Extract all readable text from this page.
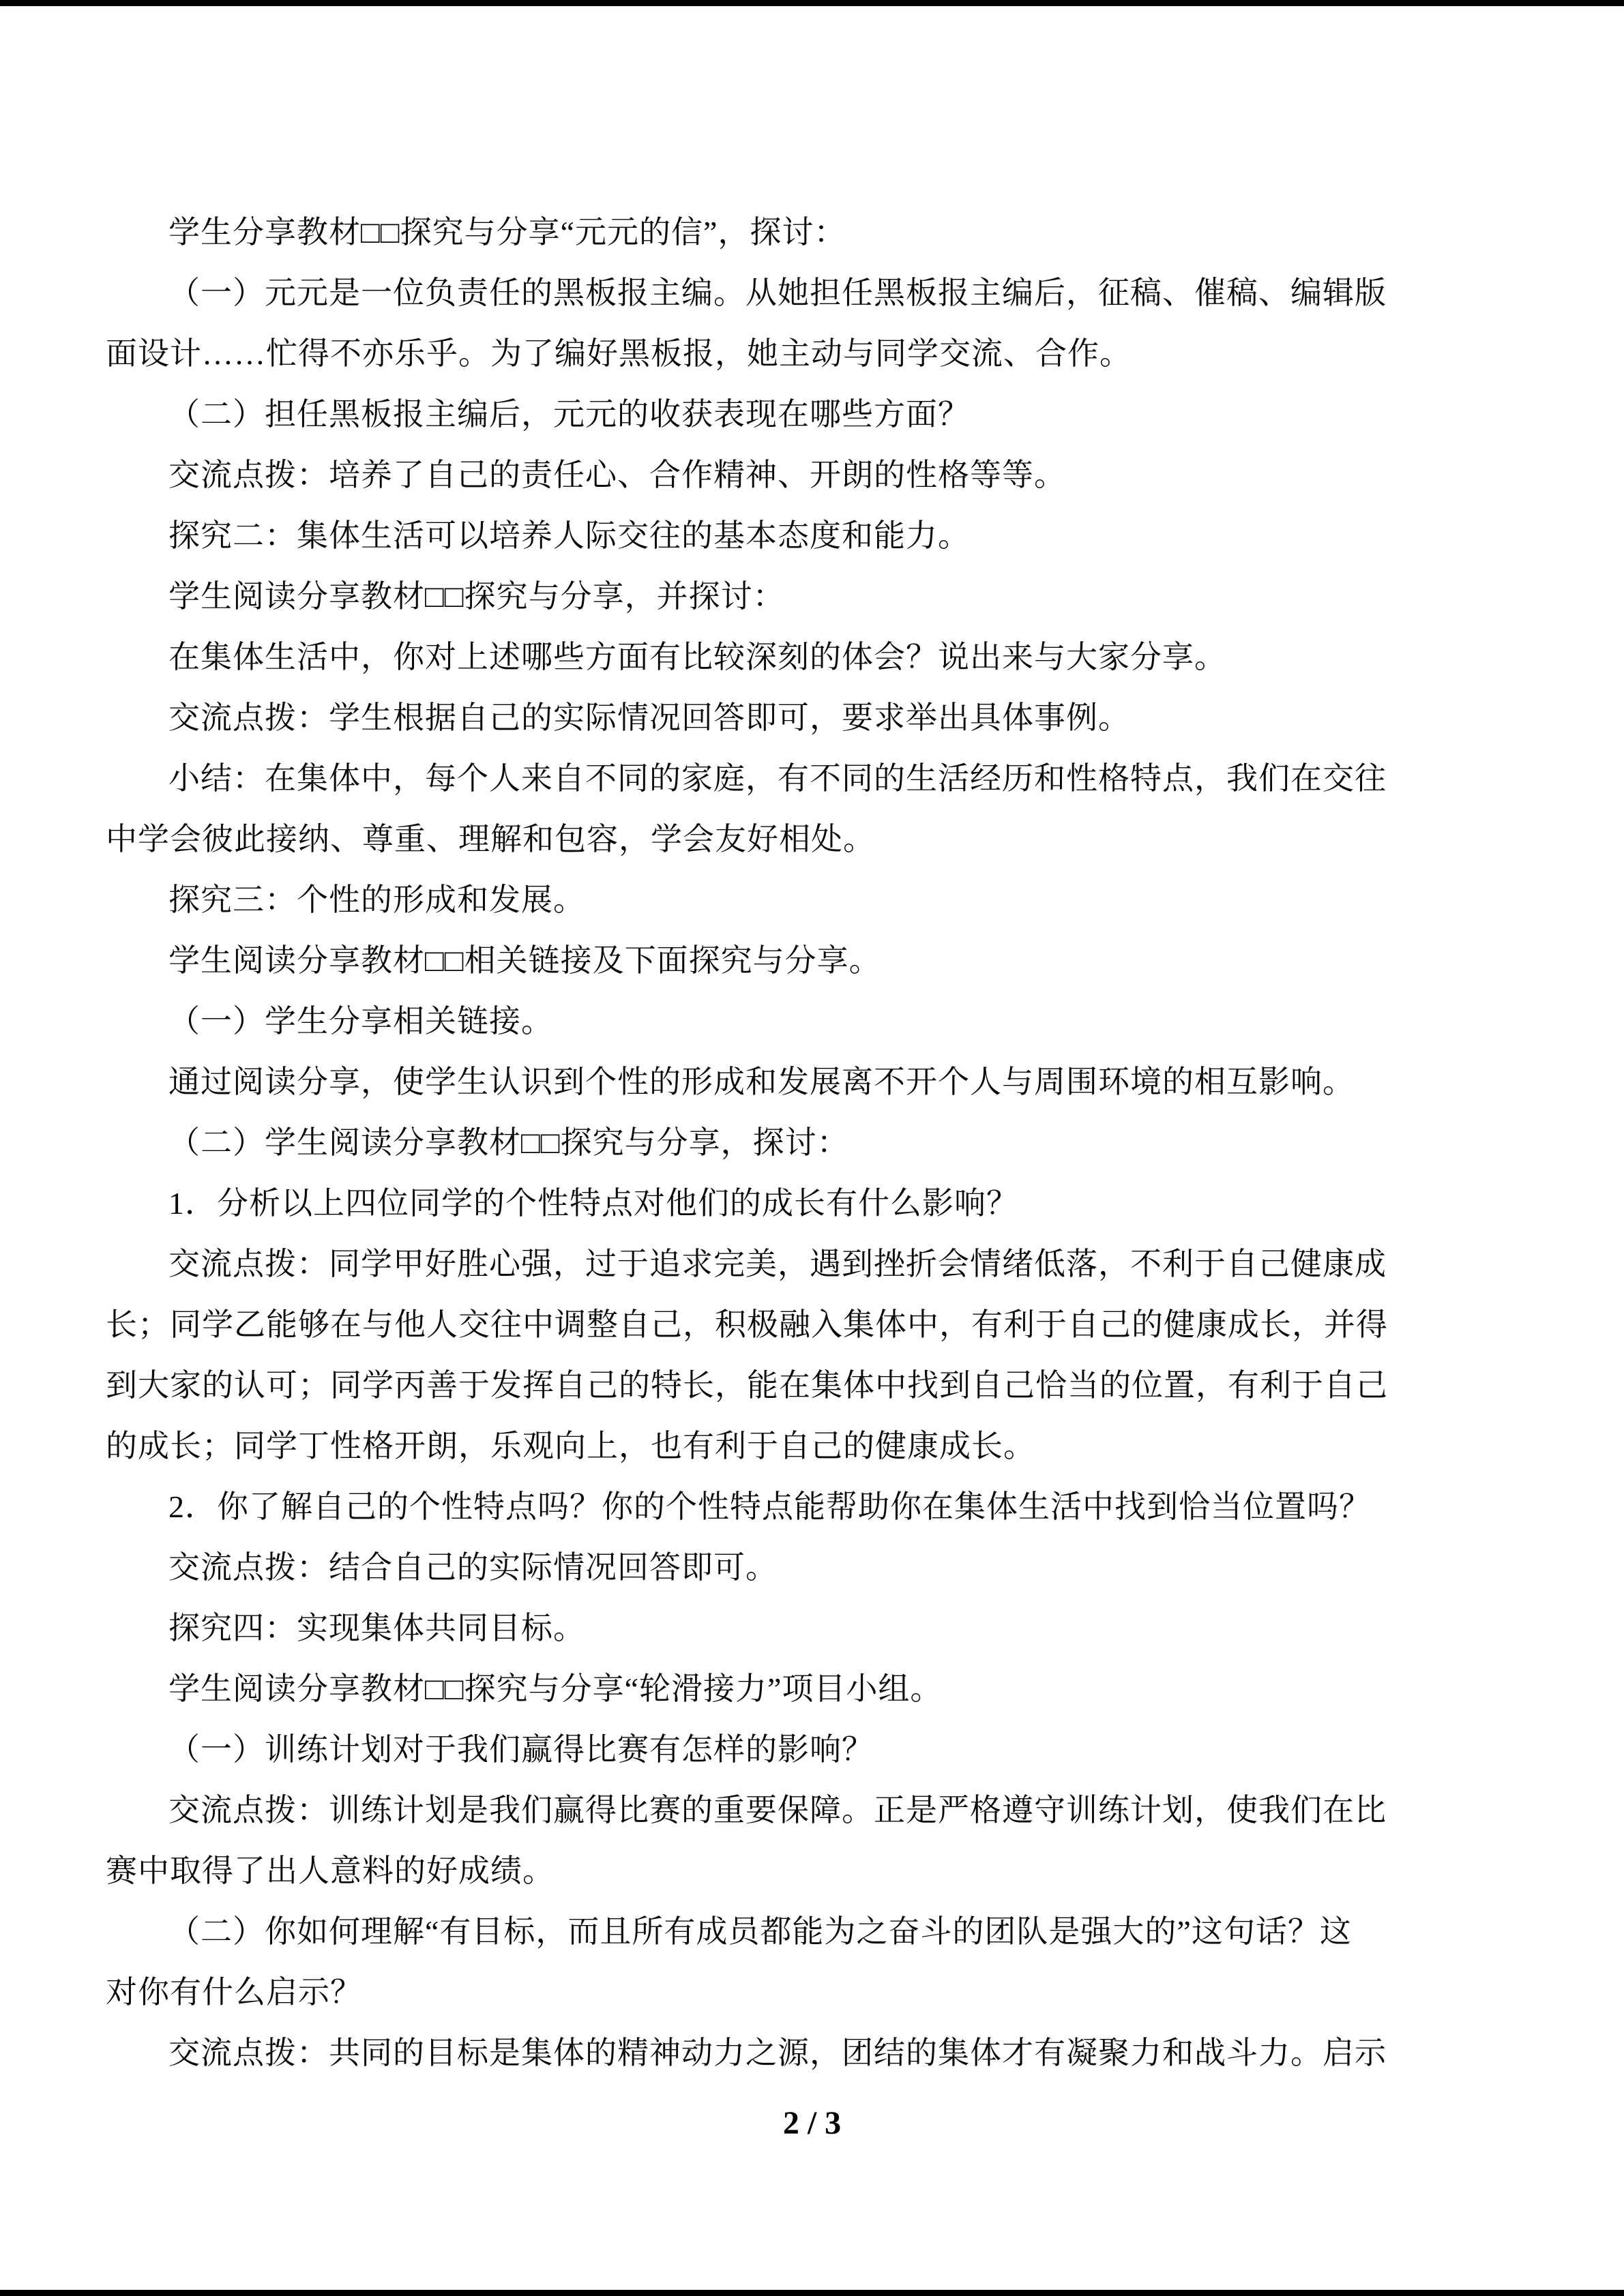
学生分享教材□□探究与分享“元元的信”，探讨：

（一）元元是一位负责任的黑板报主编。从她担任黑板报主编后，征稿、催稿、编辑版

面设计……忙得不亦乐乎。为了编好黑板报，她主动与同学交流、合作。

（二）担任黑板报主编后，元元的收获表现在哪些方面？

交流点拨：培养了自己的责任心、合作精神、开朗的性格等等。

探究二：集体生活可以培养人际交往的基本态度和能力。

学生阅读分享教材□□探究与分享，并探讨：

在集体生活中，你对上述哪些方面有比较深刻的体会？说出来与大家分享。

交流点拨：学生根据自己的实际情况回答即可，要求举出具体事例。

小结：在集体中，每个人来自不同的家庭，有不同的生活经历和性格特点，我们在交往

中学会彼此接纳、尊重、理解和包容，学会友好相处。

探究三：个性的形成和发展。

学生阅读分享教材□□相关链接及下面探究与分享。

（一）学生分享相关链接。

通过阅读分享，使学生认识到个性的形成和发展离不开个人与周围环境的相互影响。

（二）学生阅读分享教材□□探究与分享，探讨：

1．分析以上四位同学的个性特点对他们的成长有什么影响？

交流点拨：同学甲好胜心强，过于追求完美，遇到挫折会情绪低落，不利于自己健康成

长；同学乙能够在与他人交往中调整自己，积极融入集体中，有利于自己的健康成长，并得

到大家的认可；同学丙善于发挥自己的特长，能在集体中找到自己恰当的位置，有利于自己

的成长；同学丁性格开朗，乐观向上，也有利于自己的健康成长。

2．你了解自己的个性特点吗？你的个性特点能帮助你在集体生活中找到恰当位置吗？

交流点拨：结合自己的实际情况回答即可。

探究四：实现集体共同目标。

学生阅读分享教材□□探究与分享“轮滑接力”项目小组。

（一）训练计划对于我们赢得比赛有怎样的影响？

交流点拨：训练计划是我们赢得比赛的重要保障。正是严格遵守训练计划，使我们在比

赛中取得了出人意料的好成绩。

（二）你如何理解“有目标，而且所有成员都能为之奋斗的团队是强大的”这句话？这

对你有什么启示？

交流点拨：共同的目标是集体的精神动力之源，团结的集体才有凝聚力和战斗力。启示

2 / 3
